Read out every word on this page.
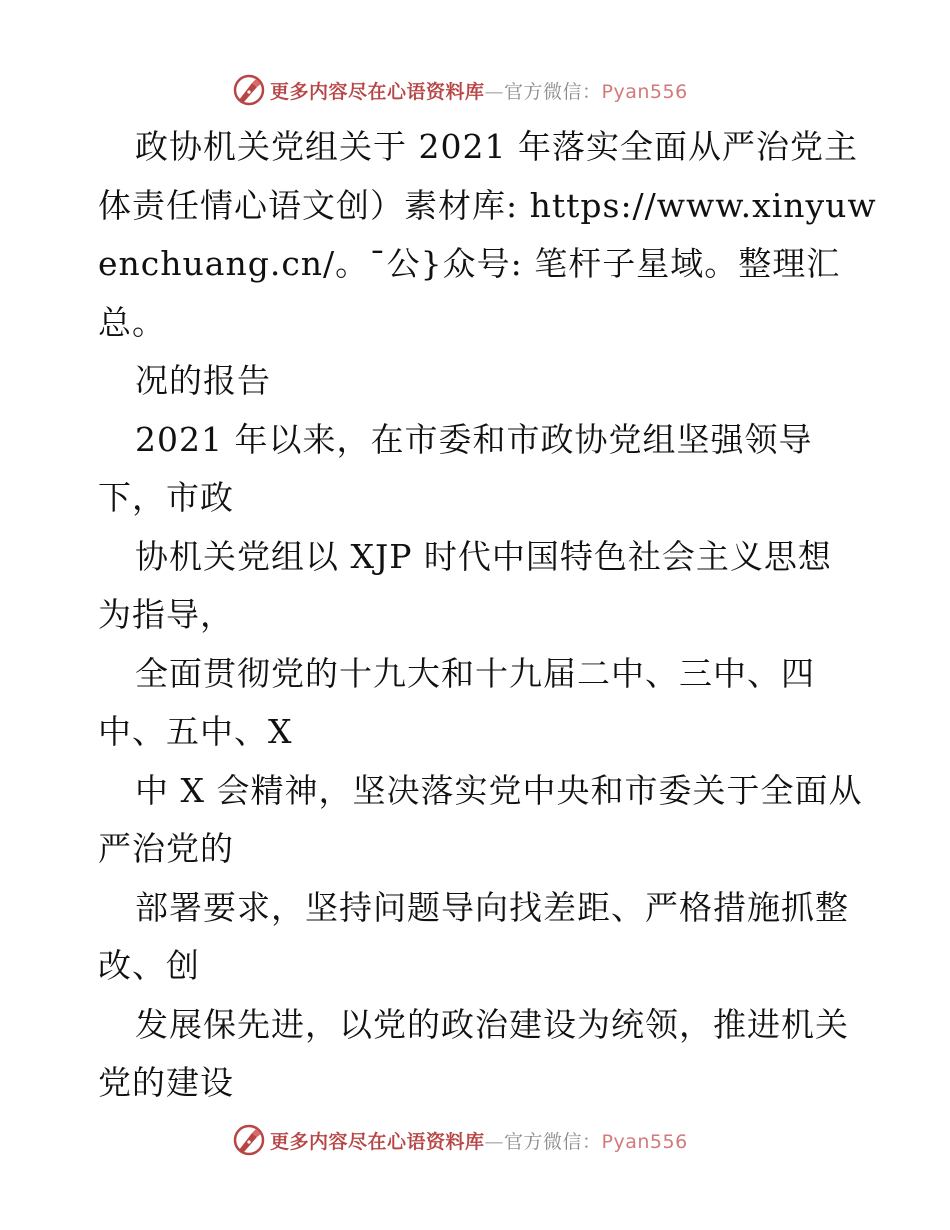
更多内容尽在心语资料库—官方微信：Pyan556
政协机关党组关于 2021 年落实全面从严治党主
体责任情心语文创）素材库: https://www.xinyuw
enchuang.cn/。¯公}众号: 笔杆子星域。整理汇
总。
况的报告
2021 年以来，在市委和市政协党组坚强领导
下，市政
协机关党组以 XJP 时代中国特色社会主义思想
为指导，
全面贯彻党的十九大和十九届二中、三中、四
中、五中、X
中 X 会精神，坚决落实党中央和市委关于全面从
严治党的
部署要求，坚持问题导向找差距、严格措施抓整
改、创
发展保先进，以党的政治建设为统领，推进机关
党的建设
更多内容尽在心语资料库—官方微信：Pyan556
